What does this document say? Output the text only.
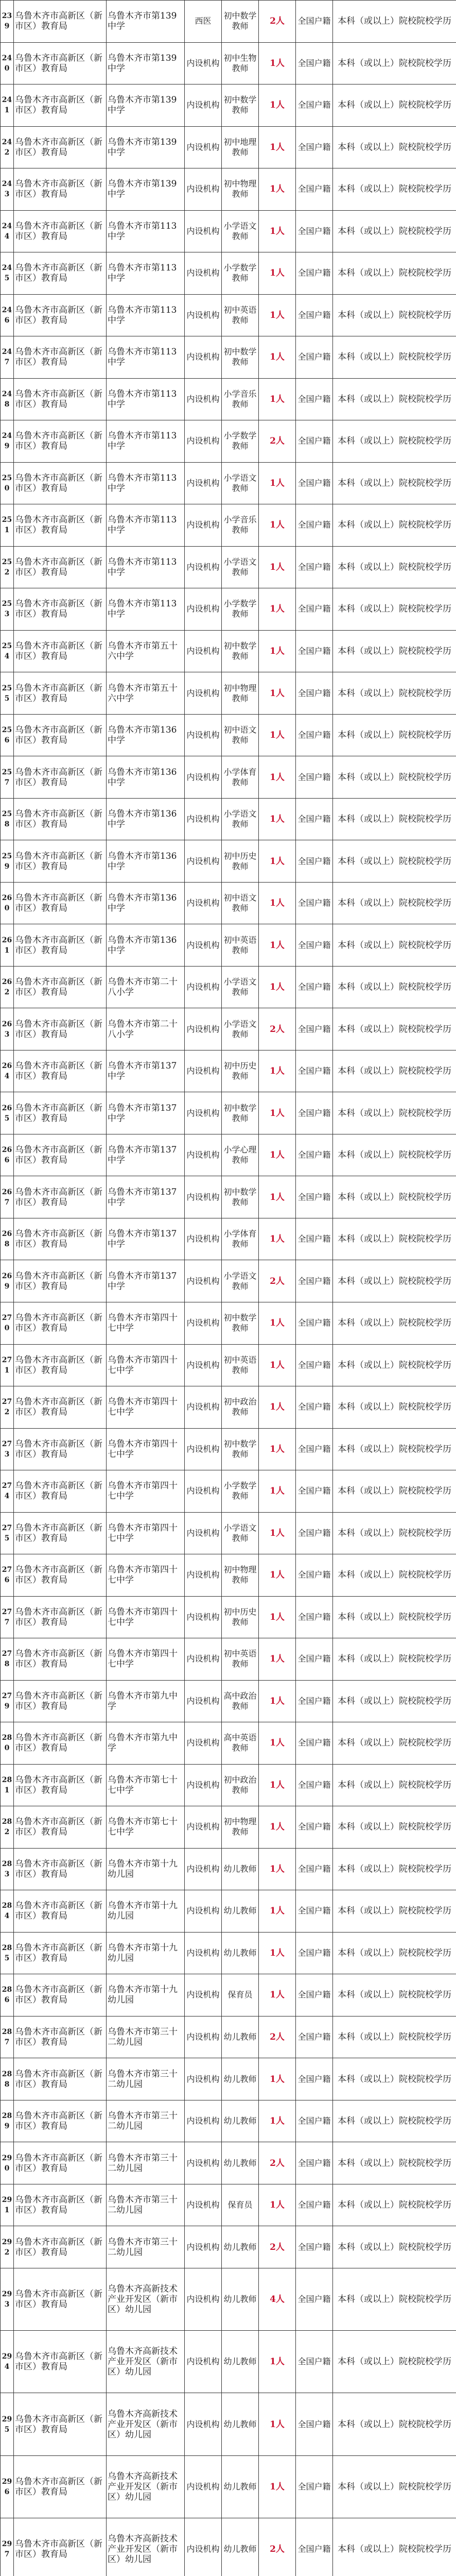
239	乌鲁木齐市高新区（新市区）教育局	乌鲁木齐市第139中学	西医	初中数学教师	2人	全国户籍	本科（或以上）院校院校学历
240	乌鲁木齐市高新区（新市区）教育局	乌鲁木齐市第139中学	内设机构	初中生物教师	1人	全国户籍	本科（或以上）院校院校学历
241	乌鲁木齐市高新区（新市区）教育局	乌鲁木齐市第139中学	内设机构	初中数学教师	1人	全国户籍	本科（或以上）院校院校学历
242	乌鲁木齐市高新区（新市区）教育局	乌鲁木齐市第139中学	内设机构	初中地理教师	1人	全国户籍	本科（或以上）院校院校学历
243	乌鲁木齐市高新区（新市区）教育局	乌鲁木齐市第139中学	内设机构	初中物理教师	1人	全国户籍	本科（或以上）院校院校学历
244	乌鲁木齐市高新区（新市区）教育局	乌鲁木齐市第113中学	内设机构	小学语文教师	1人	全国户籍	本科（或以上）院校院校学历
245	乌鲁木齐市高新区（新市区）教育局	乌鲁木齐市第113中学	内设机构	小学数学教师	1人	全国户籍	本科（或以上）院校院校学历
246	乌鲁木齐市高新区（新市区）教育局	乌鲁木齐市第113中学	内设机构	初中英语教师	1人	全国户籍	本科（或以上）院校院校学历
247	乌鲁木齐市高新区（新市区）教育局	乌鲁木齐市第113中学	内设机构	初中数学教师	1人	全国户籍	本科（或以上）院校院校学历
248	乌鲁木齐市高新区（新市区）教育局	乌鲁木齐市第113中学	内设机构	小学音乐教师	1人	全国户籍	本科（或以上）院校院校学历
249	乌鲁木齐市高新区（新市区）教育局	乌鲁木齐市第113中学	内设机构	小学数学教师	2人	全国户籍	本科（或以上）院校院校学历
250	乌鲁木齐市高新区（新市区）教育局	乌鲁木齐市第113中学	内设机构	小学语文教师	1人	全国户籍	本科（或以上）院校院校学历
251	乌鲁木齐市高新区（新市区）教育局	乌鲁木齐市第113中学	内设机构	小学音乐教师	1人	全国户籍	本科（或以上）院校院校学历
252	乌鲁木齐市高新区（新市区）教育局	乌鲁木齐市第113中学	内设机构	小学语文教师	1人	全国户籍	本科（或以上）院校院校学历
253	乌鲁木齐市高新区（新市区）教育局	乌鲁木齐市第113中学	内设机构	小学数学教师	1人	全国户籍	本科（或以上）院校院校学历
254	乌鲁木齐市高新区（新市区）教育局	乌鲁木齐市第五十六中学	内设机构	初中数学教师	1人	全国户籍	本科（或以上）院校院校学历
255	乌鲁木齐市高新区（新市区）教育局	乌鲁木齐市第五十六中学	内设机构	初中物理教师	1人	全国户籍	本科（或以上）院校院校学历
256	乌鲁木齐市高新区（新市区）教育局	乌鲁木齐市第136中学	内设机构	初中语文教师	1人	全国户籍	本科（或以上）院校院校学历
257	乌鲁木齐市高新区（新市区）教育局	乌鲁木齐市第136中学	内设机构	小学体育教师	1人	全国户籍	本科（或以上）院校院校学历
258	乌鲁木齐市高新区（新市区）教育局	乌鲁木齐市第136中学	内设机构	小学语文教师	1人	全国户籍	本科（或以上）院校院校学历
259	乌鲁木齐市高新区（新市区）教育局	乌鲁木齐市第136中学	内设机构	初中历史教师	1人	全国户籍	本科（或以上）院校院校学历
260	乌鲁木齐市高新区（新市区）教育局	乌鲁木齐市第136中学	内设机构	初中语文教师	1人	全国户籍	本科（或以上）院校院校学历
261	乌鲁木齐市高新区（新市区）教育局	乌鲁木齐市第136中学	内设机构	初中英语教师	1人	全国户籍	本科（或以上）院校院校学历
262	乌鲁木齐市高新区（新市区）教育局	乌鲁木齐市第二十八小学	内设机构	小学语文教师	1人	全国户籍	本科（或以上）院校院校学历
263	乌鲁木齐市高新区（新市区）教育局	乌鲁木齐市第二十八小学	内设机构	小学语文教师	2人	全国户籍	本科（或以上）院校院校学历
264	乌鲁木齐市高新区（新市区）教育局	乌鲁木齐市第137中学	内设机构	初中历史教师	1人	全国户籍	本科（或以上）院校院校学历
265	乌鲁木齐市高新区（新市区）教育局	乌鲁木齐市第137中学	内设机构	初中数学教师	1人	全国户籍	本科（或以上）院校院校学历
266	乌鲁木齐市高新区（新市区）教育局	乌鲁木齐市第137中学	内设机构	小学心理教师	1人	全国户籍	本科（或以上）院校院校学历
267	乌鲁木齐市高新区（新市区）教育局	乌鲁木齐市第137中学	内设机构	初中数学教师	1人	全国户籍	本科（或以上）院校院校学历
268	乌鲁木齐市高新区（新市区）教育局	乌鲁木齐市第137中学	内设机构	小学体育教师	1人	全国户籍	本科（或以上）院校院校学历
269	乌鲁木齐市高新区（新市区）教育局	乌鲁木齐市第137中学	内设机构	小学语文教师	2人	全国户籍	本科（或以上）院校院校学历
270	乌鲁木齐市高新区（新市区）教育局	乌鲁木齐市第四十七中学	内设机构	初中数学教师	1人	全国户籍	本科（或以上）院校院校学历
271	乌鲁木齐市高新区（新市区）教育局	乌鲁木齐市第四十七中学	内设机构	初中英语教师	1人	全国户籍	本科（或以上）院校院校学历
272	乌鲁木齐市高新区（新市区）教育局	乌鲁木齐市第四十七中学	内设机构	初中政治教师	1人	全国户籍	本科（或以上）院校院校学历
273	乌鲁木齐市高新区（新市区）教育局	乌鲁木齐市第四十七中学	内设机构	初中数学教师	1人	全国户籍	本科（或以上）院校院校学历
274	乌鲁木齐市高新区（新市区）教育局	乌鲁木齐市第四十七中学	内设机构	小学数学教师	1人	全国户籍	本科（或以上）院校院校学历
275	乌鲁木齐市高新区（新市区）教育局	乌鲁木齐市第四十七中学	内设机构	小学语文教师	1人	全国户籍	本科（或以上）院校院校学历
276	乌鲁木齐市高新区（新市区）教育局	乌鲁木齐市第四十七中学	内设机构	初中物理教师	1人	全国户籍	本科（或以上）院校院校学历
277	乌鲁木齐市高新区（新市区）教育局	乌鲁木齐市第四十七中学	内设机构	初中历史教师	1人	全国户籍	本科（或以上）院校院校学历
278	乌鲁木齐市高新区（新市区）教育局	乌鲁木齐市第四十七中学	内设机构	初中英语教师	1人	全国户籍	本科（或以上）院校院校学历
279	乌鲁木齐市高新区（新市区）教育局	乌鲁木齐市第九中学	内设机构	高中政治教师	1人	全国户籍	本科（或以上）院校院校学历
280	乌鲁木齐市高新区（新市区）教育局	乌鲁木齐市第九中学	内设机构	高中英语教师	1人	全国户籍	本科（或以上）院校院校学历
281	乌鲁木齐市高新区（新市区）教育局	乌鲁木齐市第七十七中学	内设机构	初中政治教师	1人	全国户籍	本科（或以上）院校院校学历
282	乌鲁木齐市高新区（新市区）教育局	乌鲁木齐市第七十七中学	内设机构	初中物理教师	1人	全国户籍	本科（或以上）院校院校学历
283	乌鲁木齐市高新区（新市区）教育局	乌鲁木齐市第十九幼儿园	内设机构	幼儿教师	1人	全国户籍	本科（或以上）院校院校学历
284	乌鲁木齐市高新区（新市区）教育局	乌鲁木齐市第十九幼儿园	内设机构	幼儿教师	1人	全国户籍	本科（或以上）院校院校学历
285	乌鲁木齐市高新区（新市区）教育局	乌鲁木齐市第十九幼儿园	内设机构	幼儿教师	1人	全国户籍	本科（或以上）院校院校学历
286	乌鲁木齐市高新区（新市区）教育局	乌鲁木齐市第十九幼儿园	内设机构	保育员	1人	全国户籍	本科（或以上）院校院校学历
287	乌鲁木齐市高新区（新市区）教育局	乌鲁木齐市第三十二幼儿园	内设机构	幼儿教师	2人	全国户籍	本科（或以上）院校院校学历
288	乌鲁木齐市高新区（新市区）教育局	乌鲁木齐市第三十二幼儿园	内设机构	幼儿教师	1人	全国户籍	本科（或以上）院校院校学历
289	乌鲁木齐市高新区（新市区）教育局	乌鲁木齐市第三十二幼儿园	内设机构	幼儿教师	1人	全国户籍	本科（或以上）院校院校学历
290	乌鲁木齐市高新区（新市区）教育局	乌鲁木齐市第三十二幼儿园	内设机构	幼儿教师	2人	全国户籍	本科（或以上）院校院校学历
291	乌鲁木齐市高新区（新市区）教育局	乌鲁木齐市第三十二幼儿园	内设机构	保育员	1人	全国户籍	本科（或以上）院校院校学历
292	乌鲁木齐市高新区（新市区）教育局	乌鲁木齐市第三十二幼儿园	内设机构	幼儿教师	2人	全国户籍	本科（或以上）院校院校学历
293	乌鲁木齐市高新区（新市区）教育局	乌鲁木齐高新技术产业开发区（新市区）幼儿园	内设机构	幼儿教师	4人	全国户籍	本科（或以上）院校院校学历
294	乌鲁木齐市高新区（新市区）教育局	乌鲁木齐高新技术产业开发区（新市区）幼儿园	内设机构	幼儿教师	1人	全国户籍	本科（或以上）院校院校学历
295	乌鲁木齐市高新区（新市区）教育局	乌鲁木齐高新技术产业开发区（新市区）幼儿园	内设机构	幼儿教师	1人	全国户籍	本科（或以上）院校院校学历
296	乌鲁木齐市高新区（新市区）教育局	乌鲁木齐高新技术产业开发区（新市区）幼儿园	内设机构	幼儿教师	1人	全国户籍	本科（或以上）院校院校学历
297	乌鲁木齐市高新区（新市区）教育局	乌鲁木齐高新技术产业开发区（新市区）幼儿园	内设机构	幼儿教师	2人	全国户籍	本科（或以上）院校院校学历
